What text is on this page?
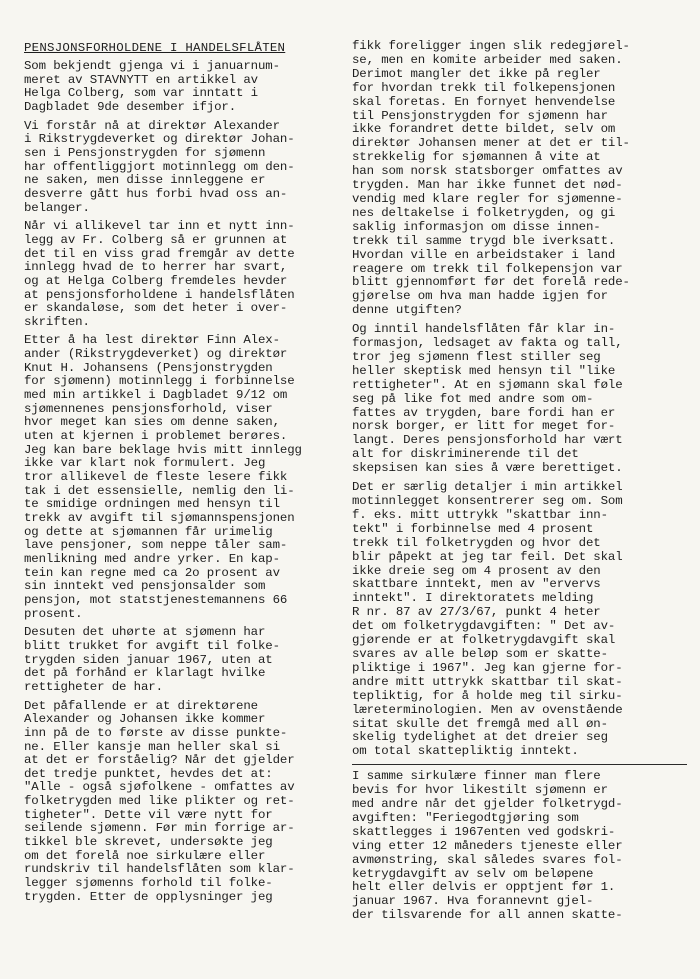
PENSJONSFORHOLDENE I HANDELSFLÅTEN
Som bekjendt gjenga vi i januarnum-
meret av STAVNYTT en artikkel av
Helga Colberg, som var inntatt i
Dagbladet 9de desember ifjor.
Vi forstår nå at direktør Alexander
i Rikstrygdeverket og direktør Johan-
sen i Pensjonstrygden for sjømenn
har offentliggjort motinnlegg om den-
ne saken, men disse innleggene er
desverre gått hus forbi hvad oss an-
belanger.
Når vi allikevel tar inn et nytt inn-
legg av Fr. Colberg så er grunnen at
det til en viss grad fremgår av dette
innlegg hvad de to herrer har svart,
og at Helga Colberg fremdeles hevder
at pensjonsforholdene i handelsflåten
er skandaløse, som det heter i over-
skriften.
Etter å ha lest direktør Finn Alex-
ander (Rikstrygdeverket) og direktør
Knut H. Johansens (Pensjonstrygden
for sjømenn) motinnlegg i forbinnelse
med min artikkel i Dagbladet 9/12 om
sjømennenes pensjonsforhold, viser
hvor meget kan sies om denne saken,
uten at kjernen i problemet berøres.
Jeg kan bare beklage hvis mitt innlegg
ikke var klart nok formulert. Jeg
tror allikevel de fleste lesere fikk
tak i det essensielle, nemlig den li-
te smidige ordningen med hensyn til
trekk av avgift til sjømannspensjonen
og dette at sjømannen får urimelig
lave pensjoner, som neppe tåler sam-
menlikning med andre yrker. En kap-
tein kan regne med ca 2o prosent av
sin inntekt ved pensjonsalder som
pensjon, mot statstjenestemannens 66
prosent.
Desuten det uhørte at sjømenn har
blitt trukket for avgift til folke-
trygden siden januar 1967, uten at
det på forhånd er klarlagt hvilke
rettigheter de har.
Det påfallende er at direktørene
Alexander og Johansen ikke kommer
inn på de to første av disse punkte-
ne. Eller kansje man heller skal si
at det er forståelig? Når det gjelder
det tredje punktet, hevdes det at:
"Alle - også sjøfolkene - omfattes av
folketrygden med like plikter og ret-
tigheter". Dette vil være nytt for
seilende sjømenn. Før min forrige ar-
tikkel ble skrevet, undersøkte jeg
om det forelå noe sirkulære eller
rundskriv til handelsflåten som klar-
legger sjømenns forhold til folke-
trygden. Etter de opplysninger jeg
fikk foreligger ingen slik redegjørel-
se, men en komite arbeider med saken.
Derimot mangler det ikke på regler
for hvordan trekk til folkepensjonen
skal foretas. En fornyet henvendelse
til Pensjonstrygden for sjømenn har
ikke forandret dette bildet, selv om
direktør Johansen mener at det er til-
strekkelig for sjømannen å vite at
han som norsk statsborger omfattes av
trygden. Man har ikke funnet det nød-
vendig med klare regler for sjømenne-
nes deltakelse i folketrygden, og gi
saklig informasjon om disse innen-
trekk til samme trygd ble iverksatt.
Hvordan ville en arbeidstaker i land
reagere om trekk til folkepensjon var
blitt gjennomført før det forelå rede-
gjørelse om hva man hadde igjen for
denne utgiften?
Og inntil handelsflåten får klar in-
formasjon, ledsaget av fakta og tall,
tror jeg sjømenn flest stiller seg
heller skeptisk med hensyn til "like
rettigheter". At en sjømann skal føle
seg på like fot med andre som om-
fattes av trygden, bare fordi han er
norsk borger, er litt for meget for-
langt. Deres pensjonsforhold har vært
alt for diskriminerende til det
skepsisen kan sies å være berettiget.
Det er særlig detaljer i min artikkel
motinnlegget konsentrerer seg om. Som
f. eks. mitt uttrykk "skattbar inn-
tekt" i forbinnelse med 4 prosent
trekk til folketrygden og hvor det
blir påpekt at jeg tar feil. Det skal
ikke dreie seg om 4 prosent av den
skattbare inntekt, men av "ervervs
inntekt". I direktoratets melding
R nr. 87 av 27/3/67, punkt 4 heter
det om folketrygdavgiften: " Det av-
gjørende er at folketrygdavgift skal
svares av alle beløp som er skatte-
pliktige i 1967". Jeg kan gjerne for-
andre mitt uttrykk skattbar til skat-
tepliktig, for å holde meg til sirku-
læreterminologien. Men av ovenstående
sitat skulle det fremgå med all øn-
skelig tydelighet at det dreier seg
om total skattepliktig inntekt.
I samme sirkulære finner man flere
bevis for hvor likestilt sjømenn er
med andre når det gjelder folketrygd-
avgiften: "Feriegodtgjøring som
skattlegges i 1967enten ved godskri-
ving etter 12 måneders tjeneste eller
avmønstring, skal således svares fol-
ketrygdavgift av selv om beløpene
helt eller delvis er opptjent før 1.
januar 1967. Hva forannevnt gjel-
der tilsvarende for all annen skatte-
